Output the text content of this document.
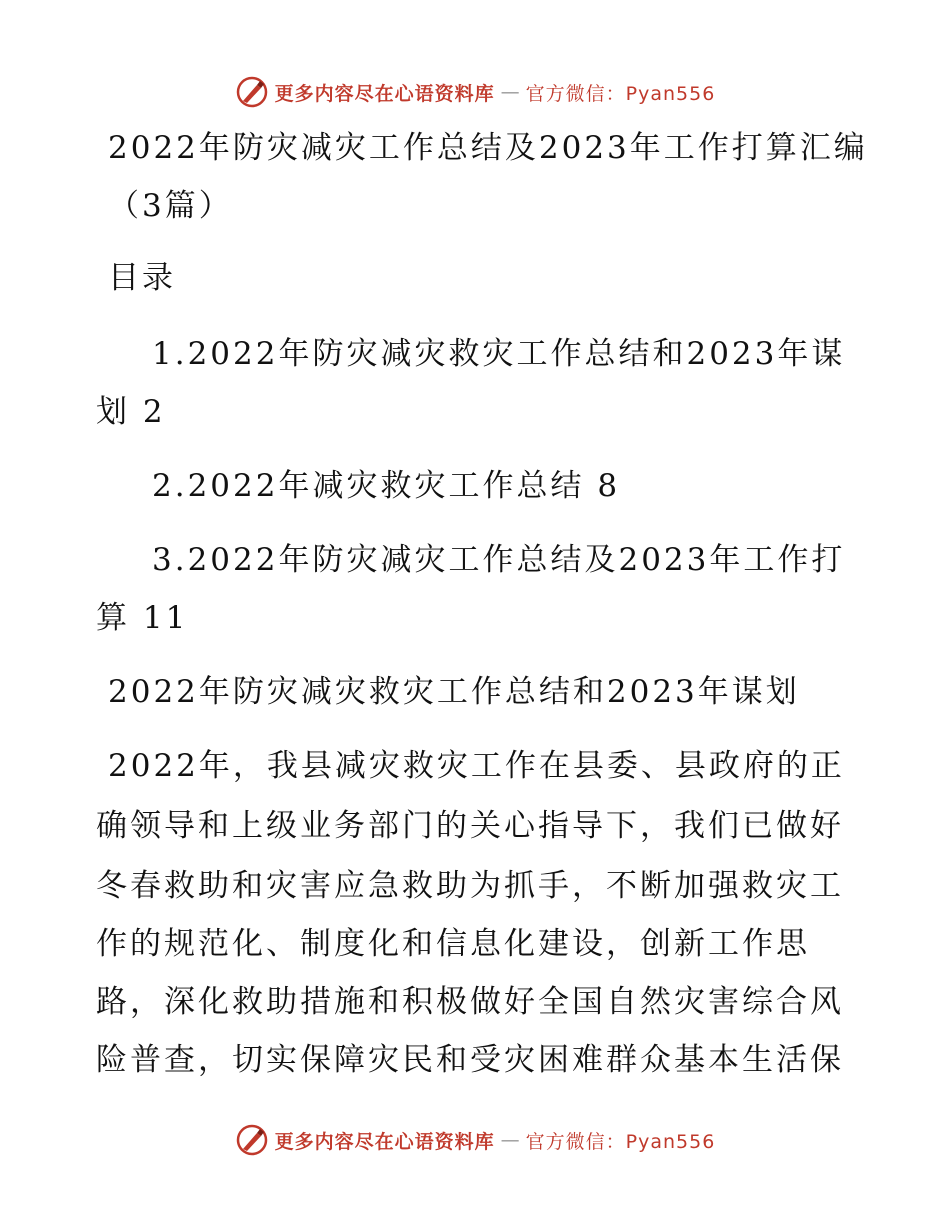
更多内容尽在心语资料库 — 官方微信：Pyan556
2022年防灾减灾工作总结及2023年工作打算汇编
（3篇）
目录
1.2022年防灾减灾救灾工作总结和2023年谋
划 2
2.2022年减灾救灾工作总结 8
3.2022年防灾减灾工作总结及2023年工作打
算 11
2022年防灾减灾救灾工作总结和2023年谋划
2022年，我县减灾救灾工作在县委、县政府的正
确领导和上级业务部门的关心指导下，我们已做好
冬春救助和灾害应急救助为抓手，不断加强救灾工
作的规范化、制度化和信息化建设，创新工作思
路，深化救助措施和积极做好全国自然灾害综合风
险普查，切实保障灾民和受灾困难群众基本生活保
更多内容尽在心语资料库 — 官方微信：Pyan556
